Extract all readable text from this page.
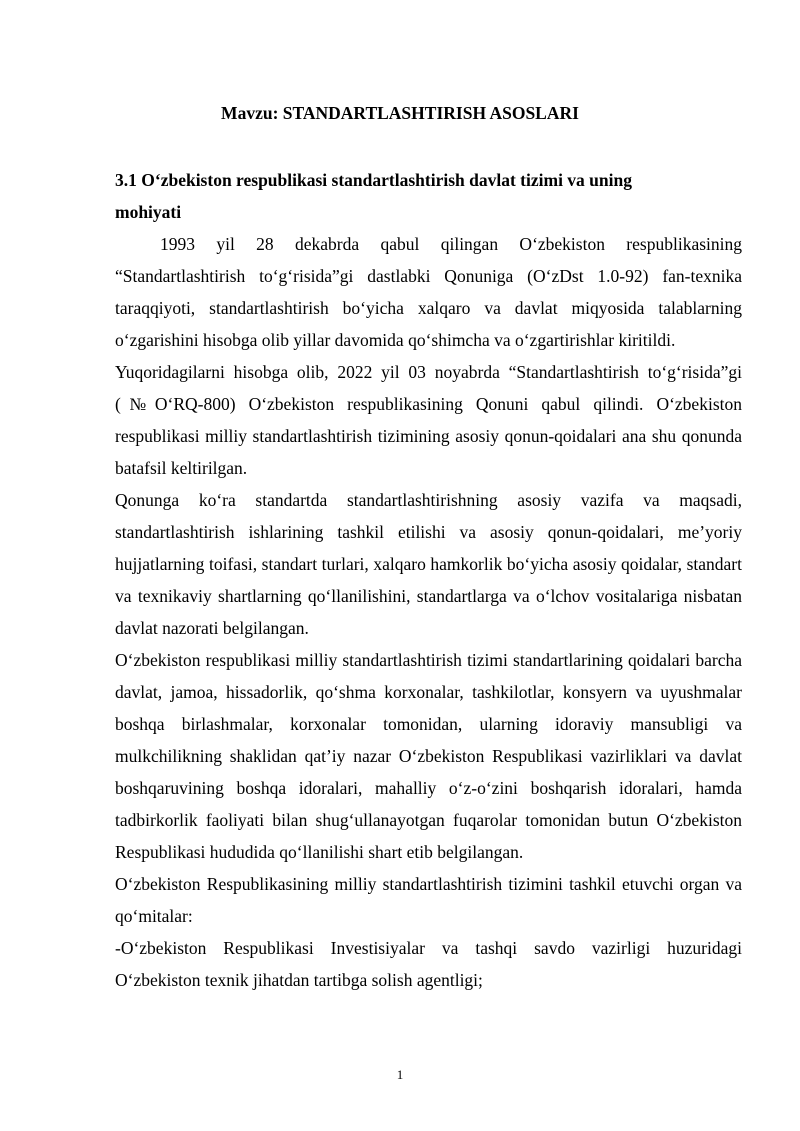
Mavzu: STANDARTLASHTIRISH ASOSLARI
3.1 O‘zbekiston respublikasi standartlashtirish davlat tizimi va uning mohiyati

1993 yil 28 dekabrda qabul qilingan O‘zbekiston respublikasining “Standartlashtirish to‘g‘risida”gi dastlabki Qonuniga (O‘zDst 1.0-92) fan-texnika taraqqiyoti, standartlashtirish bo‘yicha xalqaro va davlat miqyosida talablarning o‘zgarishini hisobga olib yillar davomida qo‘shimcha va o‘zgartirishlar kiritildi.

Yuqoridagilarni hisobga olib, 2022 yil 03 noyabrda “Standartlashtirish to‘g‘risida”gi (№O‘RQ-800) O‘zbekiston respublikasining Qonuni qabul qilindi. O‘zbekiston respublikasi milliy standartlashtirish tizimining asosiy qonun-qoidalari ana shu qonunda batafsil keltirilgan.

Qonunga ko‘ra standartda standartlashtirishning asosiy vazifa va maqsadi, standartlashtirish ishlarining tashkil etilishi va asosiy qonun-qoidalari, me’yoriy hujjatlarning toifasi, standart turlari, xalqaro hamkorlik bo‘yicha asosiy qoidalar, standart va texnikaviy shartlarning qo‘llanilishini, standartlarga va o‘lchov vositalariga nisbatan davlat nazorati belgilangan.

O‘zbekiston respublikasi milliy standartlashtirish tizimi standartlarining qoidalari barcha davlat, jamoa, hissadorlik, qo‘shma korxonalar, tashkilotlar, konsyern va uyushmalar boshqa birlashmalar, korxonalar tomonidan, ularning idoraviy mansubligi va mulkchilikning shaklidan qat’iy nazar O‘zbekiston Respublikasi vazirliklari va davlat boshqaruvining boshqa idoralari, mahalliy o‘z-o‘zini boshqarish idoralari, hamda tadbirkorlik faoliyati bilan shug‘ullanayotgan fuqarolar tomonidan butun O‘zbekiston Respublikasi hududida qo‘llanilishi shart etib belgilangan.

O‘zbekiston Respublikasining milliy standartlashtirish tizimini tashkil etuvchi organ va qo‘mitalar:

-O‘zbekiston Respublikasi Investisiyalar va tashqi savdo vazirligi huzuridagi O‘zbekiston texnik jihatdan tartibga solish agentligi;

1
